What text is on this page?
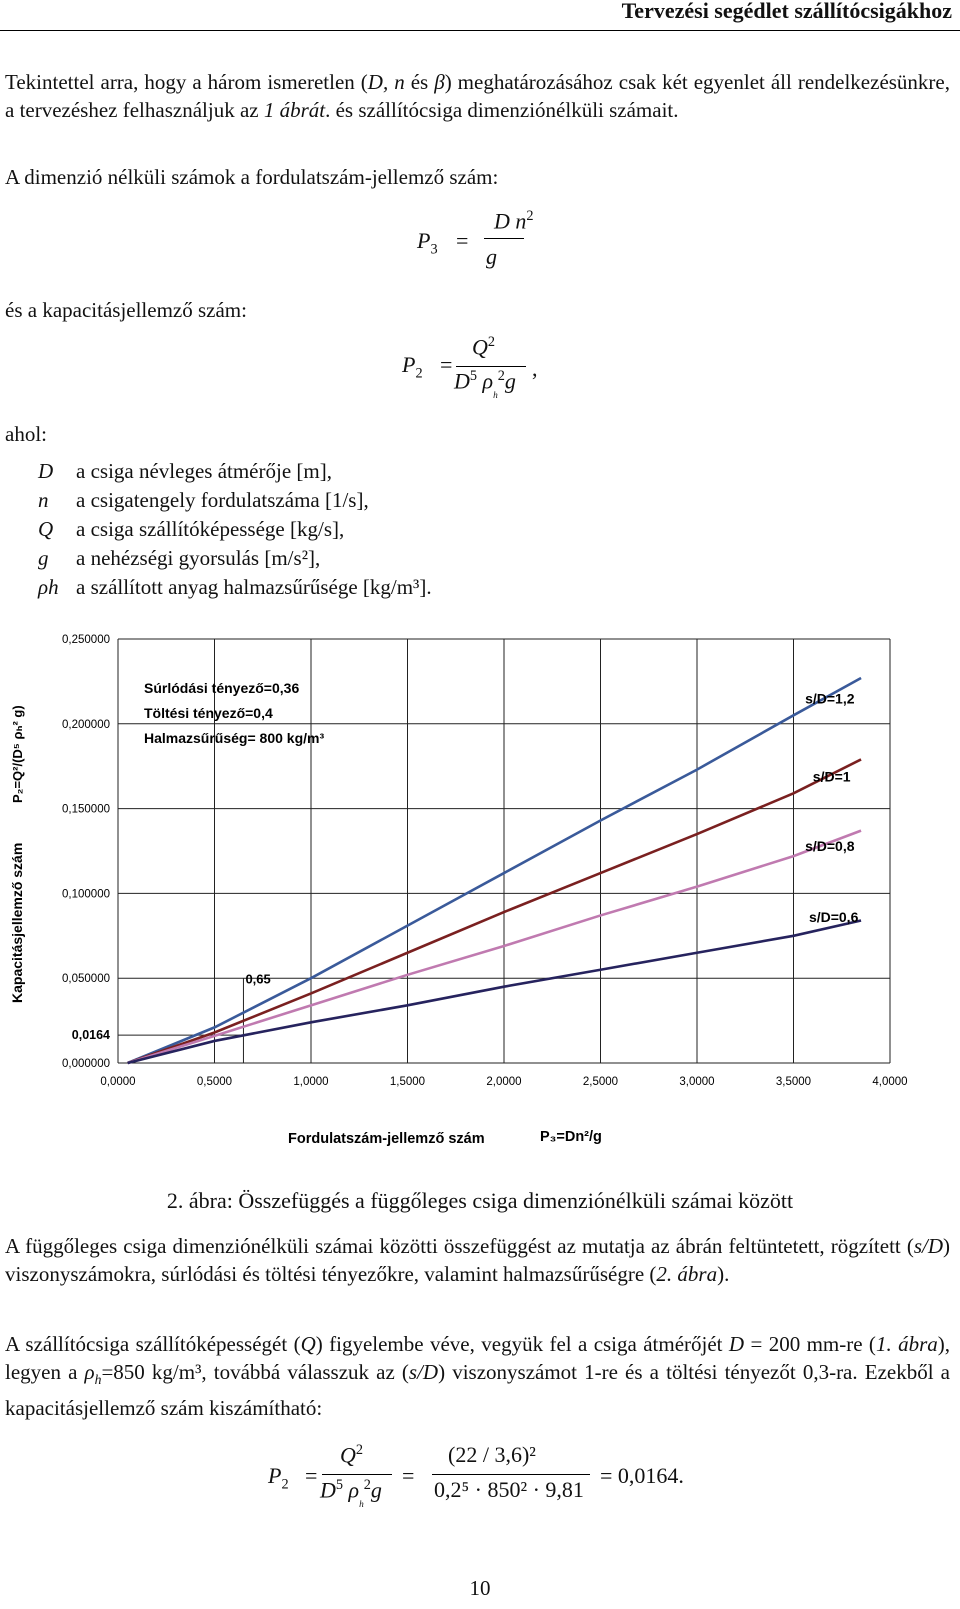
Tervezési segédlet szállítócsigákhoz
Tekintettel arra, hogy a három ismeretlen (D, n és β) meghatározásához csak két egyenlet áll rendelkezésünkre, a tervezéshez felhasználjuk az 1 ábrát. és szállítócsiga dimenziónélküli számait.
A dimenzió nélküli számok a fordulatszám-jellemző szám:
$P_3$ =
D $n^2$
g
és a kapacitásjellemző szám:
$P_2$ =
$Q^2$
$D^5$ $\rho_{_h}^2g$ ,
ahol:
D	a csiga névleges átmérője [m],
n	a csigatengely fordulatszáma [1/s],
Q	a csiga szállítóképessége [kg/s],
g	a nehézségi gyorsulás [m/s²],
ρh a szállított anyag halmazsűrűsége [kg/m³].
0,0000	0,5000	1,0000	1,5000	2,0000	2,5000	3,0000	3,5000	4,0000
0,000000
0,050000
0,100000
0,150000
0,200000
0,250000
0,0164
0,65
s/D=1,2
s/D=1
s/D=0,8
s/D=0,6
Súrlódási tényező=0,36
Töltési tényező=0,4
Halmazsűrűség= 800 kg/m³
Kapacitásjellemző szám
P₂=Q²/(D⁵ ρₕ² g)
Fordulatszám-jellemző szám	P₃=Dn²/g
2. ábra: Összefüggés a függőleges csiga dimenziónélküli számai között
A függőleges csiga dimenziónélküli számai közötti összefüggést az mutatja az ábrán feltüntetett, rögzített (s/D) viszonyszámokra, súrlódási és töltési tényezőkre, valamint halmazsűrűségre (2. ábra).
A szállítócsiga szállítóképességét (Q) figyelembe véve, vegyük fel a csiga átmérőjét D = 200 mm-re (1. ábra), legyen a $\rho_h=850$ kg/m³, továbbá válasszuk az (s/D) viszonyszámot 1-re és a töltési tényezőt 0,3-ra. Ezekből a kapacitásjellemző szám kiszámítható:
$P_2$ =
$Q^2$
$D^5$ $\rho_{_h}^2g$
=
(22 / 3,6)²
0,2⁵ · 850² · 9,81
= 0,0164.
10
